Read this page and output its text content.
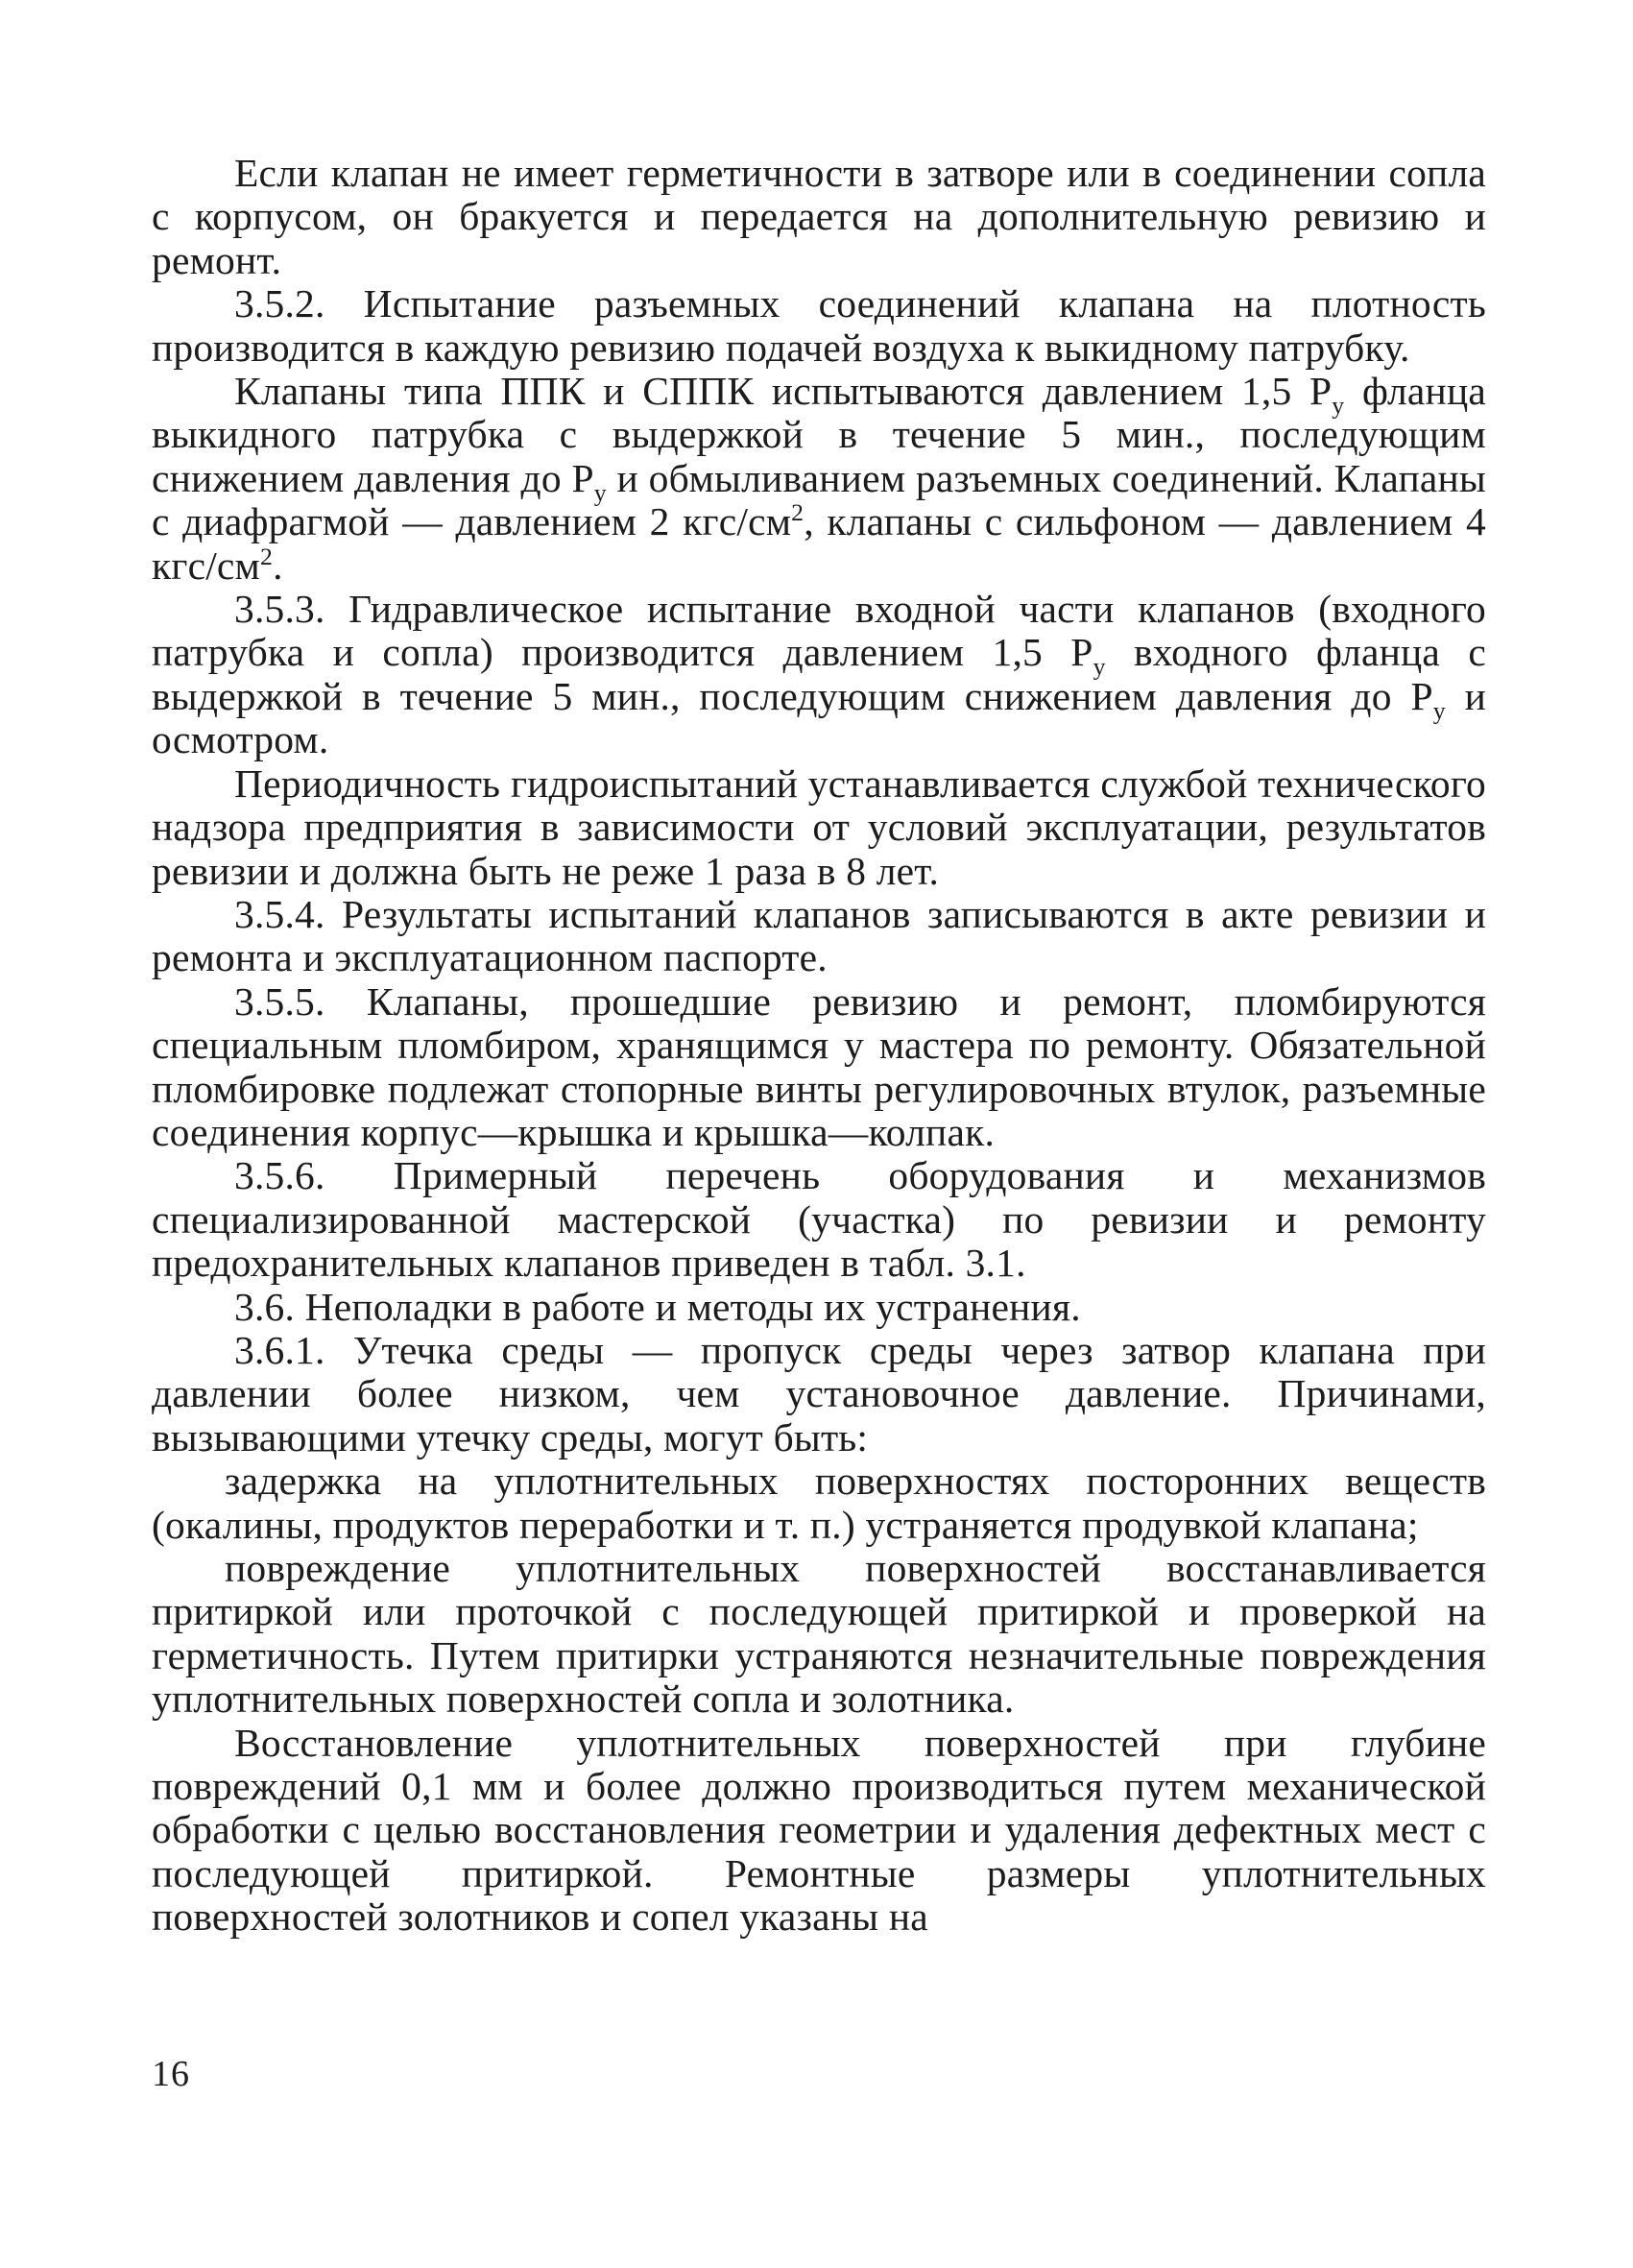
Если клапан не имеет герметичности в затворе или в соединении сопла с корпусом, он бракуется и передается на дополнительную ревизию и ремонт.

3.5.2. Испытание разъемных соединений клапана на плотность производится в каждую ревизию подачей воздуха к выкидному патрубку.

Клапаны типа ППК и СППК испытываются давлением 1,5 $P_у$ фланца выкидного патрубка с выдержкой в течение 5 мин., последующим снижением давления до $P_у$ и обмыливанием разъемных соединений. Клапаны с диафрагмой — давлением 2 кгс/$см^2$, клапаны с сильфоном — давлением 4 кгс/$см^2$.

3.5.3. Гидравлическое испытание входной части клапанов (входного патрубка и сопла) производится давлением 1,5 $P_у$ входного фланца с выдержкой в течение 5 мин., последующим снижением давления до $P_у$ и осмотром.

Периодичность гидроиспытаний устанавливается службой технического надзора предприятия в зависимости от условий эксплуатации, результатов ревизии и должна быть не реже 1 раза в 8 лет.

3.5.4. Результаты испытаний клапанов записываются в акте ревизии и ремонта и эксплуатационном паспорте.

3.5.5. Клапаны, прошедшие ревизию и ремонт, пломбируются специальным пломбиром, хранящимся у мастера по ремонту. Обязательной пломбировке подлежат стопорные винты регулировочных втулок, разъемные соединения корпус—крышка и крышка—колпак.

3.5.6. Примерный перечень оборудования и механизмов специализированной мастерской (участка) по ревизии и ремонту предохранительных клапанов приведен в табл. 3.1.

3.6. Неполадки в работе и методы их устранения.

3.6.1. Утечка среды — пропуск среды через затвор клапана при давлении более низком, чем установочное давление. Причинами, вызывающими утечку среды, могут быть:

задержка на уплотнительных поверхностях посторонних веществ (окалины, продуктов переработки и т. п.) устраняется продувкой клапана;

повреждение уплотнительных поверхностей восстанавливается притиркой или проточкой с последующей притиркой и проверкой на герметичность. Путем притирки устраняются незначительные повреждения уплотнительных поверхностей сопла и золотника.

Восстановление уплотнительных поверхностей при глубине повреждений 0,1 мм и более должно производиться путем механической обработки с целью восстановления геометрии и удаления дефектных мест с последующей притиркой. Ремонтные размеры уплотнительных поверхностей золотников и сопел указаны на

16
